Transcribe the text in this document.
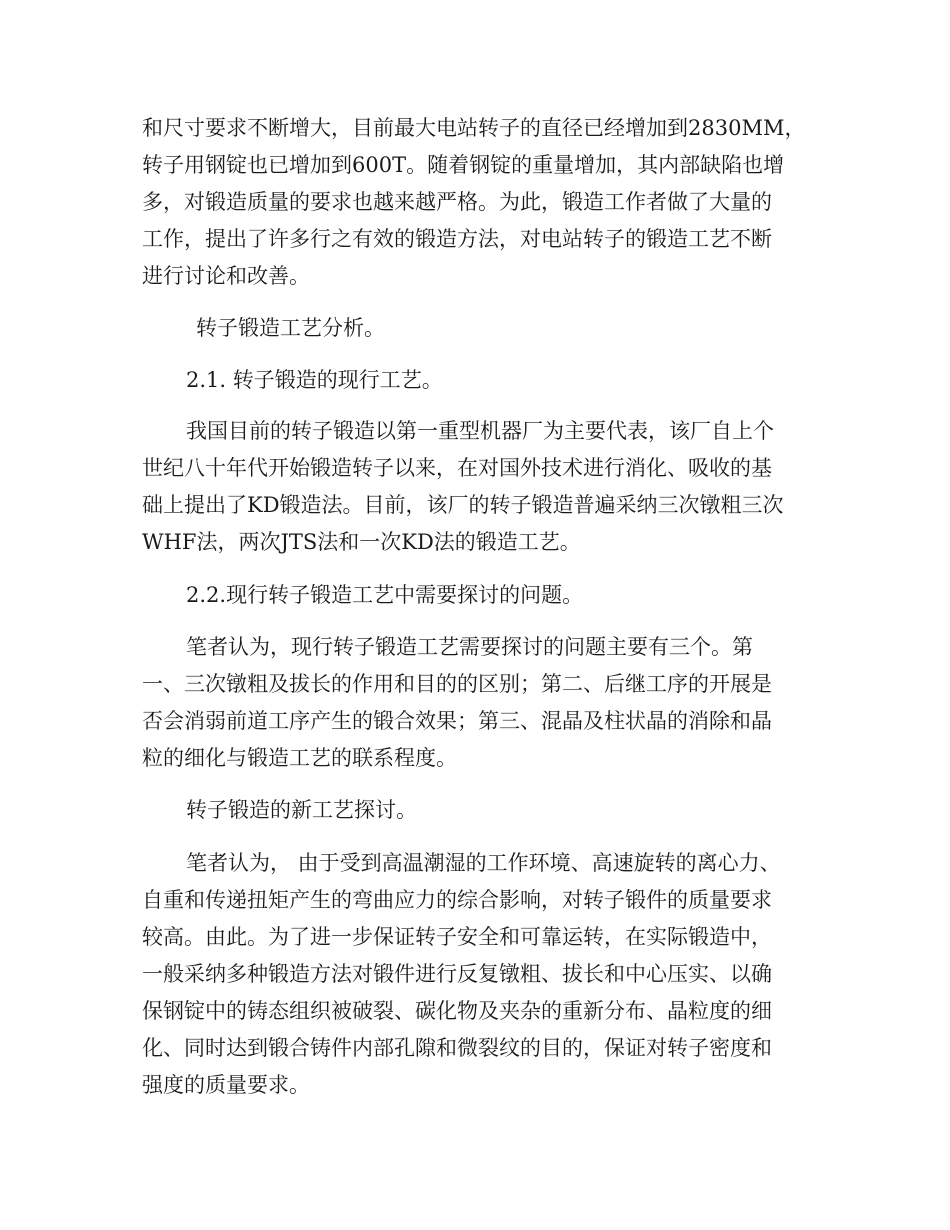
和尺寸要求不断增大，目前最大电站转子的直径已经增加到2830MM，
转子用钢锭也已增加到600T。随着钢锭的重量增加，其内部缺陷也增
多，对锻造质量的要求也越来越严格。为此，锻造工作者做了大量的
工作，提出了许多行之有效的锻造方法，对电站转子的锻造工艺不断
进行讨论和改善。
转子锻造工艺分析。
2.1. 转子锻造的现行工艺。
我国目前的转子锻造以第一重型机器厂为主要代表，该厂自上个
世纪八十年代开始锻造转子以来，在对国外技术进行消化、吸收的基
础上提出了KD锻造法。目前，该厂的转子锻造普遍采纳三次镦粗三次
WHF法，两次JTS法和一次KD法的锻造工艺。
2.2.现行转子锻造工艺中需要探讨的问题。
笔者认为，现行转子锻造工艺需要探讨的问题主要有三个。第
一、三次镦粗及拔长的作用和目的的区别；第二、后继工序的开展是
否会消弱前道工序产生的锻合效果；第三、混晶及柱状晶的消除和晶
粒的细化与锻造工艺的联系程度。
转子锻造的新工艺探讨。
笔者认为， 由于受到高温潮湿的工作环境、高速旋转的离心力、
自重和传递扭矩产生的弯曲应力的综合影响，对转子锻件的质量要求
较高。由此。为了进一步保证转子安全和可靠运转，在实际锻造中，
一般采纳多种锻造方法对锻件进行反复镦粗、拔长和中心压实、以确
保钢锭中的铸态组织被破裂、碳化物及夹杂的重新分布、晶粒度的细
化、同时达到锻合铸件内部孔隙和微裂纹的目的，保证对转子密度和
强度的质量要求。
